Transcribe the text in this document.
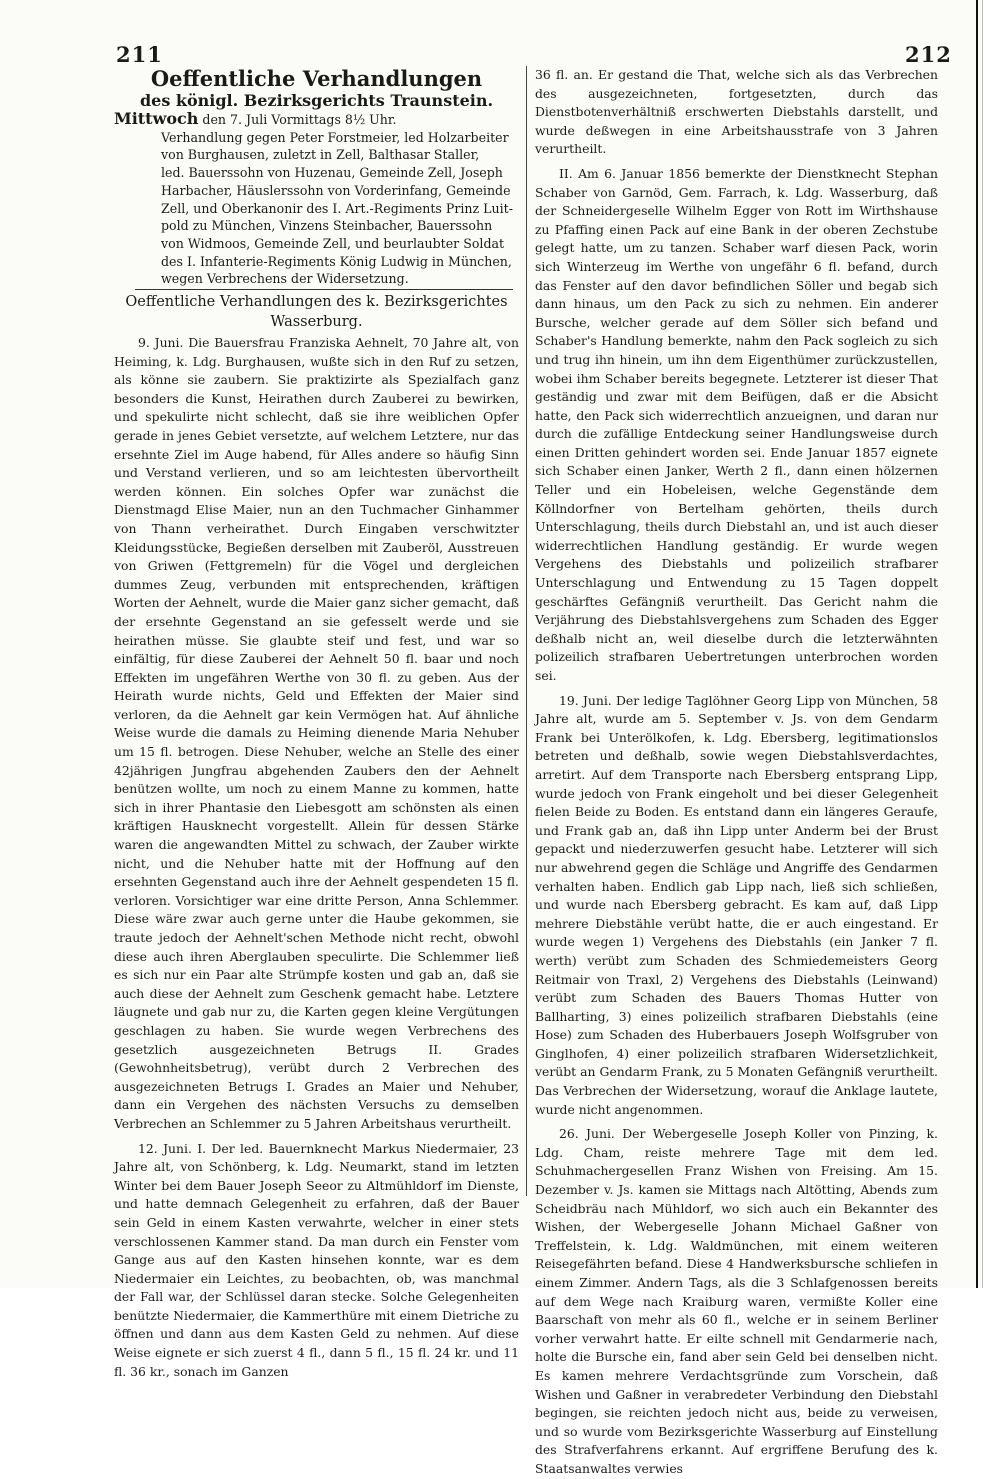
211	212
Oeffentliche Verhandlungen
des königl. Bezirksgerichts Traunstein.

Mittwoch den 7. Juli Vormittags 8½ Uhr.

Verhandlung gegen Peter Forstmeier, led Holzarbeiter

von Burghausen, zuletzt in Zell, Balthasar Staller,

led. Bauerssohn von Huzenau, Gemeinde Zell, Joseph

Harbacher, Häuslerssohn von Vorderinfang, Gemeinde

Zell, und Oberkanonir des I. Art.-Regiments Prinz Luit-

pold zu München, Vinzens Steinbacher, Bauerssohn

von Widmoos, Gemeinde Zell, und beurlaubter Soldat

des I. Infanterie-Regiments König Ludwig in München,

wegen Verbrechens der Widersetzung.

Oeffentliche Verhandlungen des k. Bezirksgerichtes
Wasserburg.

9. Juni. Die Bauersfrau Franziska Aehnelt, 70 Jahre alt, von Heiming, k. Ldg. Burghausen, wußte sich in den Ruf zu setzen, als könne sie zaubern. Sie praktizirte als Spezialfach ganz besonders die Kunst, Heirathen durch Zauberei zu bewirken, und spekulirte nicht schlecht, daß sie ihre weiblichen Opfer gerade in jenes Gebiet versetzte, auf welchem Letztere, nur das ersehnte Ziel im Auge habend, für Alles andere so häufig Sinn und Verstand verlieren, und so am leichtesten übervortheilt werden können. Ein solches Opfer war zunächst die Dienstmagd Elise Maier, nun an den Tuchmacher Ginhammer von Thann verheirathet. Durch Eingaben verschwitzter Kleidungsstücke, Begießen derselben mit Zauberöl, Ausstreuen von Griwen (Fettgremeln) für die Vögel und dergleichen dummes Zeug, verbunden mit entsprechenden, kräftigen Worten der Aehnelt, wurde die Maier ganz sicher gemacht, daß der ersehnte Gegenstand an sie gefesselt werde und sie heirathen müsse. Sie glaubte steif und fest, und war so einfältig, für diese Zauberei der Aehnelt 50 fl. baar und noch Effekten im ungefähren Werthe von 30 fl. zu geben. Aus der Heirath wurde nichts, Geld und Effekten der Maier sind verloren, da die Aehnelt gar kein Vermögen hat. Auf ähnliche Weise wurde die damals zu Heiming dienende Maria Nehuber um 15 fl. betrogen. Diese Nehuber, welche an Stelle des einer 42jährigen Jungfrau abgehenden Zaubers den der Aehnelt benützen wollte, um noch zu einem Manne zu kommen, hatte sich in ihrer Phantasie den Liebesgott am schönsten als einen kräftigen Hausknecht vorgestellt. Allein für dessen Stärke waren die angewandten Mittel zu schwach, der Zauber wirkte nicht, und die Nehuber hatte mit der Hoffnung auf den ersehnten Gegenstand auch ihre der Aehnelt gespendeten 15 fl. verloren. Vorsichtiger war eine dritte Person, Anna Schlemmer. Diese wäre zwar auch gerne unter die Haube gekommen, sie traute jedoch der Aehnelt'schen Methode nicht recht, obwohl diese auch ihren Aberglauben speculirte. Die Schlemmer ließ es sich nur ein Paar alte Strümpfe kosten und gab an, daß sie auch diese der Aehnelt zum Geschenk gemacht habe. Letztere läugnete und gab nur zu, die Karten gegen kleine Vergütungen geschlagen zu haben. Sie wurde wegen Verbrechens des gesetzlich ausgezeichneten Betrugs II. Grades (Gewohnheitsbetrug), verübt durch 2 Verbrechen des ausgezeichneten Betrugs I. Grades an Maier und Nehuber, dann ein Vergehen des nächsten Versuchs zu demselben Verbrechen an Schlemmer zu 5 Jahren Arbeitshaus verurtheilt.

12. Juni. I. Der led. Bauernknecht Markus Niedermaier, 23 Jahre alt, von Schönberg, k. Ldg. Neumarkt, stand im letzten Winter bei dem Bauer Joseph Seeor zu Altmühldorf im Dienste, und hatte demnach Gelegenheit zu erfahren, daß der Bauer sein Geld in einem Kasten verwahrte, welcher in einer stets verschlossenen Kammer stand. Da man durch ein Fenster vom Gange aus auf den Kasten hinsehen konnte, war es dem Niedermaier ein Leichtes, zu beobachten, ob, was manchmal der Fall war, der Schlüssel daran stecke. Solche Gelegenheiten benützte Niedermaier, die Kammerthüre mit einem Dietriche zu öffnen und dann aus dem Kasten Geld zu nehmen. Auf diese Weise eignete er sich zuerst 4 fl., dann 5 fl., 15 fl. 24 kr. und 11 fl. 36 kr., sonach im Ganzen

36 fl. an. Er gestand die That, welche sich als das Verbrechen des ausgezeichneten, fortgesetzten, durch das Dienstbotenverhältniß erschwerten Diebstahls darstellt, und wurde deßwegen in eine Arbeitshausstrafe von 3 Jahren verurtheilt.

II. Am 6. Januar 1856 bemerkte der Dienstknecht Stephan Schaber von Garnöd, Gem. Farrach, k. Ldg. Wasserburg, daß der Schneidergeselle Wilhelm Egger von Rott im Wirthshause zu Pfaffing einen Pack auf eine Bank in der oberen Zechstube gelegt hatte, um zu tanzen. Schaber warf diesen Pack, worin sich Winterzeug im Werthe von ungefähr 6 fl. befand, durch das Fenster auf den davor befindlichen Söller und begab sich dann hinaus, um den Pack zu sich zu nehmen. Ein anderer Bursche, welcher gerade auf dem Söller sich befand und Schaber's Handlung bemerkte, nahm den Pack sogleich zu sich und trug ihn hinein, um ihn dem Eigenthümer zurückzustellen, wobei ihm Schaber bereits begegnete. Letzterer ist dieser That geständig und zwar mit dem Beifügen, daß er die Absicht hatte, den Pack sich widerrechtlich anzueignen, und daran nur durch die zufällige Entdeckung seiner Handlungsweise durch einen Dritten gehindert worden sei. Ende Januar 1857 eignete sich Schaber einen Janker, Werth 2 fl., dann einen hölzernen Teller und ein Hobeleisen, welche Gegenstände dem Köllndorfner von Bertelham gehörten, theils durch Unterschlagung, theils durch Diebstahl an, und ist auch dieser widerrechtlichen Handlung geständig. Er wurde wegen Vergehens des Diebstahls und polizeilich strafbarer Unterschlagung und Entwendung zu 15 Tagen doppelt geschärftes Gefängniß verurtheilt. Das Gericht nahm die Verjährung des Diebstahlsvergehens zum Schaden des Egger deßhalb nicht an, weil dieselbe durch die letzterwähnten polizeilich strafbaren Uebertretungen unterbrochen worden sei.

19. Juni. Der ledige Taglöhner Georg Lipp von München, 58 Jahre alt, wurde am 5. September v. Js. von dem Gendarm Frank bei Unterölkofen, k. Ldg. Ebersberg, legitimationslos betreten und deßhalb, sowie wegen Diebstahlsverdachtes, arretirt. Auf dem Transporte nach Ebersberg entsprang Lipp, wurde jedoch von Frank eingeholt und bei dieser Gelegenheit fielen Beide zu Boden. Es entstand dann ein längeres Geraufe, und Frank gab an, daß ihn Lipp unter Anderm bei der Brust gepackt und niederzuwerfen gesucht habe. Letzterer will sich nur abwehrend gegen die Schläge und Angriffe des Gendarmen verhalten haben. Endlich gab Lipp nach, ließ sich schließen, und wurde nach Ebersberg gebracht. Es kam auf, daß Lipp mehrere Diebstähle verübt hatte, die er auch eingestand. Er wurde wegen 1) Vergehens des Diebstahls (ein Janker 7 fl. werth) verübt zum Schaden des Schmiedemeisters Georg Reitmair von Traxl, 2) Vergehens des Diebstahls (Leinwand) verübt zum Schaden des Bauers Thomas Hutter von Ballharting, 3) eines polizeilich strafbaren Diebstahls (eine Hose) zum Schaden des Huberbauers Joseph Wolfsgruber von Ginglhofen, 4) einer polizeilich strafbaren Widersetzlichkeit, verübt an Gendarm Frank, zu 5 Monaten Gefängniß verurtheilt. Das Verbrechen der Widersetzung, worauf die Anklage lautete, wurde nicht angenommen.

26. Juni. Der Webergeselle Joseph Koller von Pinzing, k. Ldg. Cham, reiste mehrere Tage mit dem led. Schuhmachergesellen Franz Wishen von Freising. Am 15. Dezember v. Js. kamen sie Mittags nach Altötting, Abends zum Scheidbräu nach Mühldorf, wo sich auch ein Bekannter des Wishen, der Webergeselle Johann Michael Gaßner von Treffelstein, k. Ldg. Waldmünchen, mit einem weiteren Reisegefährten befand. Diese 4 Handwerksbursche schliefen in einem Zimmer. Andern Tags, als die 3 Schlafgenossen bereits auf dem Wege nach Kraiburg waren, vermißte Koller eine Baarschaft von mehr als 60 fl., welche er in seinem Berliner vorher verwahrt hatte. Er eilte schnell mit Gendarmerie nach, holte die Bursche ein, fand aber sein Geld bei denselben nicht. Es kamen mehrere Verdachtsgründe zum Vorschein, daß Wishen und Gaßner in verabredeter Verbindung den Diebstahl begingen, sie reichten jedoch nicht aus, beide zu verweisen, und so wurde vom Bezirksgerichte Wasserburg auf Einstellung des Strafverfahrens erkannt. Auf ergriffene Berufung des k. Staatsanwaltes verwies
